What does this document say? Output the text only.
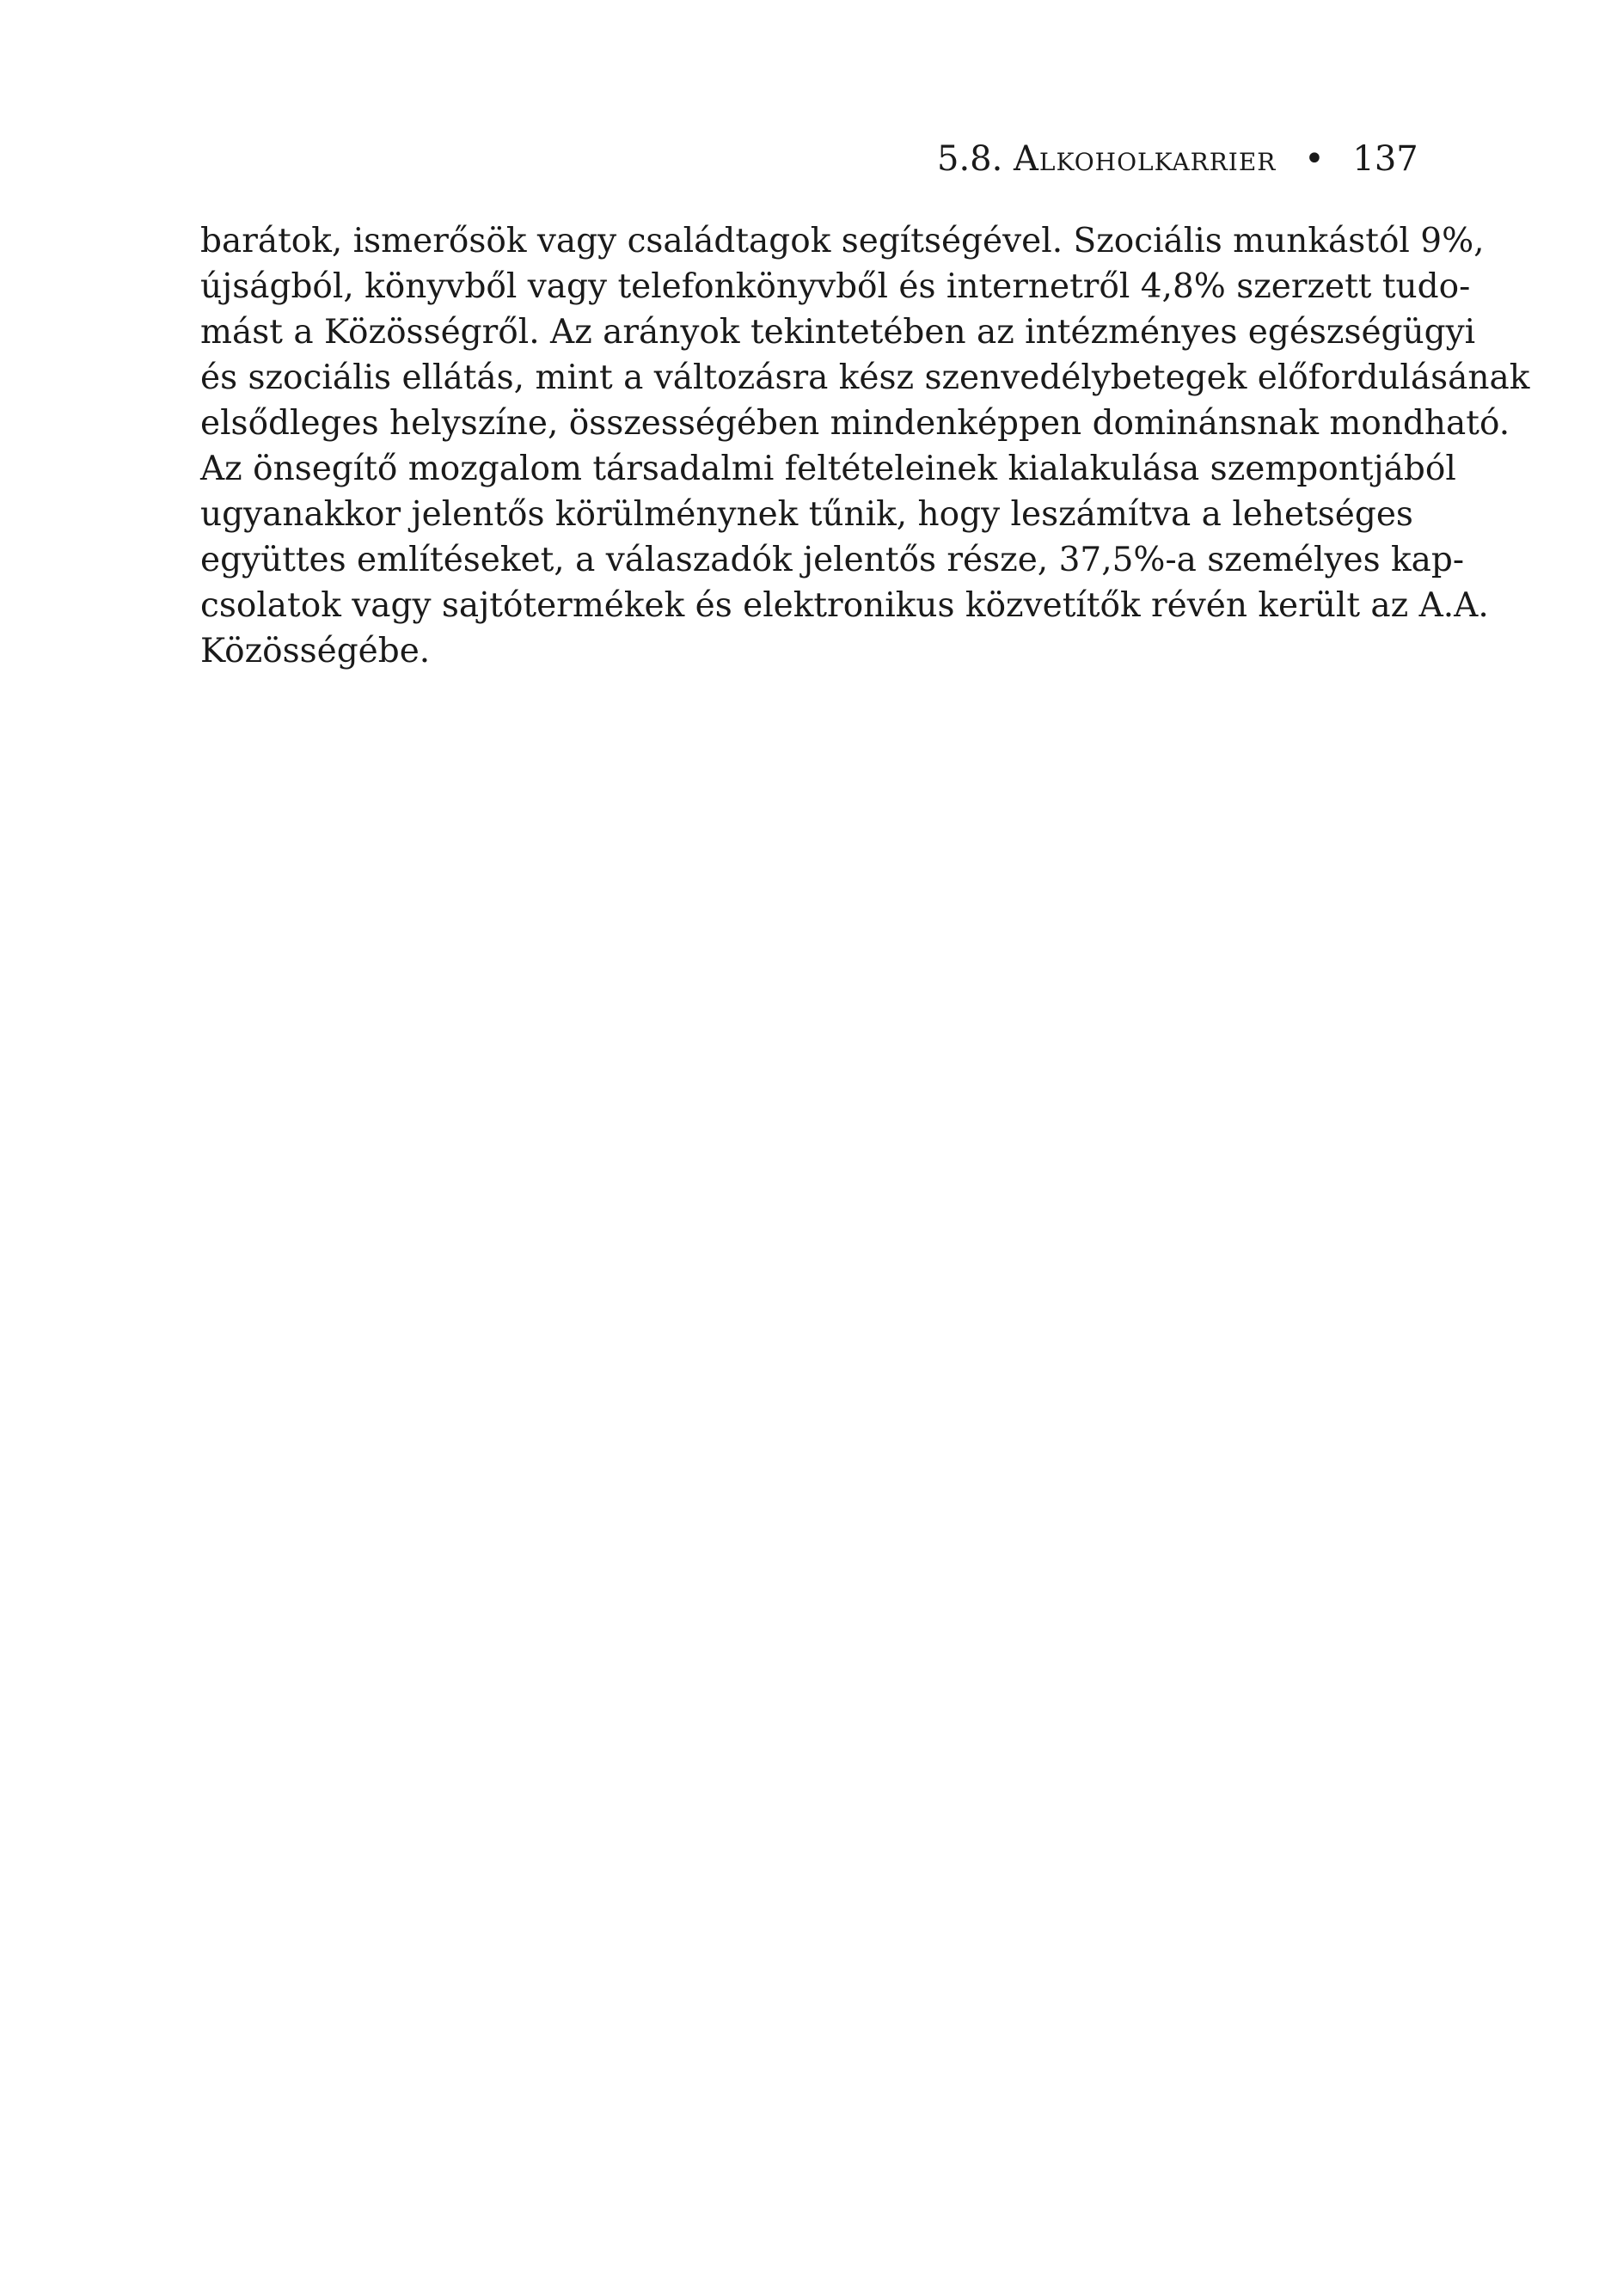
5.8. Alkoholkarrier • 137
barátok, ismerősök vagy családtagok segítségével. Szociális munkástól 9%,
újságból, könyvből vagy telefonkönyvből és internetről 4,8% szerzett tudo-
mást a Közösségről. Az arányok tekintetében az intézményes egészségügyi
és szociális ellátás, mint a változásra kész szenvedélybetegek előfordulásának
elsődleges helyszíne, összességében mindenképpen dominánsnak mondható.
Az önsegítő mozgalom társadalmi feltételeinek kialakulása szempontjából
ugyanakkor jelentős körülménynek tűnik, hogy leszámítva a lehetséges
együttes említéseket, a válaszadók jelentős része, 37,5%-a személyes kap-
csolatok vagy sajtótermékek és elektronikus közvetítők révén került az A.A.
Közösségébe.
